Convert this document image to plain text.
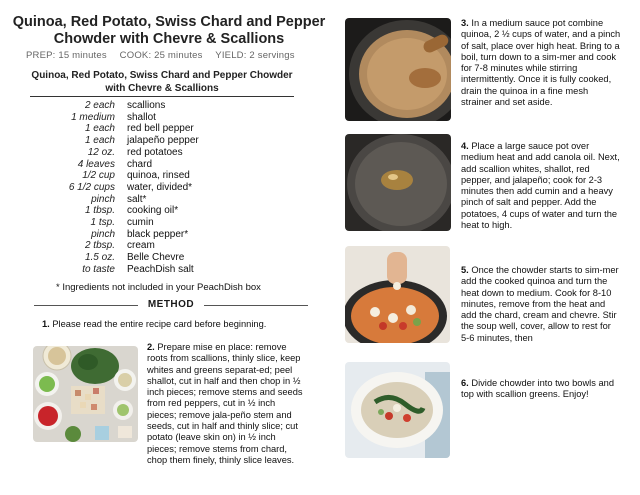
Quinoa, Red Potato, Swiss Chard and Pepper Chowder with Chevre & Scallions
PREP: 15 minutes COOK: 25 minutes YIELD: 2 servings
Quinoa, Red Potato, Swiss Chard and Pepper Chowder with Chevre & Scallions
2 each	scallions
1 medium	shallot
1 each	red bell pepper
1 each	jalapeño pepper
12 oz.	red potatoes
4 leaves	chard
1/2 cup	quinoa, rinsed
6 1/2 cups	water, divided*
pinch	salt*
1 tbsp.	cooking oil*
1 tsp.	cumin
pinch	black pepper*
2 tbsp.	cream
1.5 oz.	Belle Chevre
to taste	PeachDish salt
* Ingredients not included in your PeachDish box
METHOD
1. Please read the entire recipe card before beginning.
2. Prepare mise en place: remove roots from scallions, thinly slice, keep whites and greens separat-ed; peel shallot, cut in half and then chop in ½ inch pieces; remove stems and seeds from red peppers, cut in ½ inch pieces; remove jala-peño stem and seeds, cut in half and thinly slice; cut potato (leave skin on) in ½ inch pieces; remove stems from chard, chop them finely, thinly slice leaves.
3. In a medium sauce pot combine quinoa, 2 ½ cups of water, and a pinch of salt, place over high heat. Bring to a boil, turn down to a sim-mer and cook for 7-8 minutes while stirring intermittently. Once it is fully cooked, drain the quinoa in a fine mesh strainer and set aside.
4. Place a large sauce pot over medium heat and add canola oil. Next, add scallion whites, shallot, red pepper, and jalapeño; cook for 2-3 minutes then add cumin and a heavy pinch of salt and pepper. Add the potatoes, 4 cups of water and turn the heat to high.
5. Once the chowder starts to sim-mer add the cooked quinoa and turn the heat down to medium. Cook for 8-10 minutes, remove from the heat and add the chard, cream and chevre. Stir the soup well, cover, allow to rest for 5-6 minutes, then
6. Divide chowder into two bowls and top with scallion greens. Enjoy!
